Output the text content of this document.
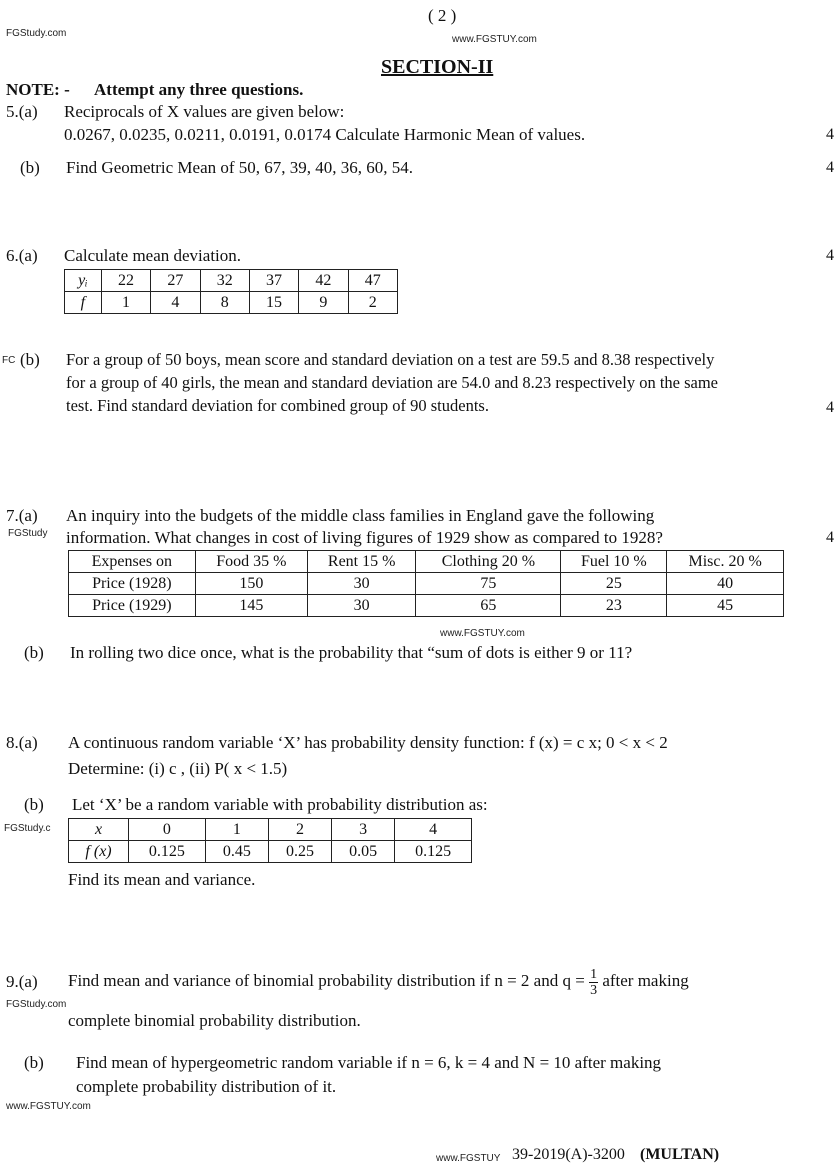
( 2 )
FGStudy.com
www.FGSTUY.com
SECTION-II
NOTE: - Attempt any three questions.
5.(a) Reciprocals of X values are given below:
0.0267, 0.0235, 0.0211, 0.0191, 0.0174 Calculate Harmonic Mean of values.	4
(b) Find Geometric Mean of 50, 67, 39, 40, 36, 60, 54.	4
6.(a) Calculate mean deviation.	4
yᵢ	22	27	32	37	42	47
f	1	4	8	15	9	2
FC (b) For a group of 50 boys, mean score and standard deviation on a test are 59.5 and 8.38 respectively
for a group of 40 girls, the mean and standard deviation are 54.0 and 8.23 respectively on the same
test. Find standard deviation for combined group of 90 students.	4
7.(a)
FGStudy
An inquiry into the budgets of the middle class families in England gave the following
information. What changes in cost of living figures of 1929 show as compared to 1928?	4
Expenses on	Food 35 %	Rent 15 %	Clothing 20 %	Fuel 10 %	Misc. 20 %
Price (1928)	150	30	75	25	40
Price (1929)	145	30	65	23	45
www.FGSTUY.com
(b) In rolling two dice once, what is the probability that “sum of dots is either 9 or 11?
8.(a) A continuous random variable ‘X’ has probability density function: f (x) = c x; 0 < x < 2
Determine: (i) c , (ii) P( x < 1.5)
(b) Let ‘X’ be a random variable with probability distribution as:
FGStudy.c	x	0	1	2	3	4
f (x)	0.125	0.45	0.25	0.05	0.125
Find its mean and variance.
9.(a) Find mean and variance of binomial probability distribution if n = 2 and $q = \frac{1}{3}$ after making
FGStudy.com
complete binomial probability distribution.
(b) Find mean of hypergeometric random variable if n = 6, k = 4 and N = 10 after making
complete probability distribution of it.
www.FGSTUY.com
www.FGSTUY 39-2019(A)-3200 (MULTAN)
